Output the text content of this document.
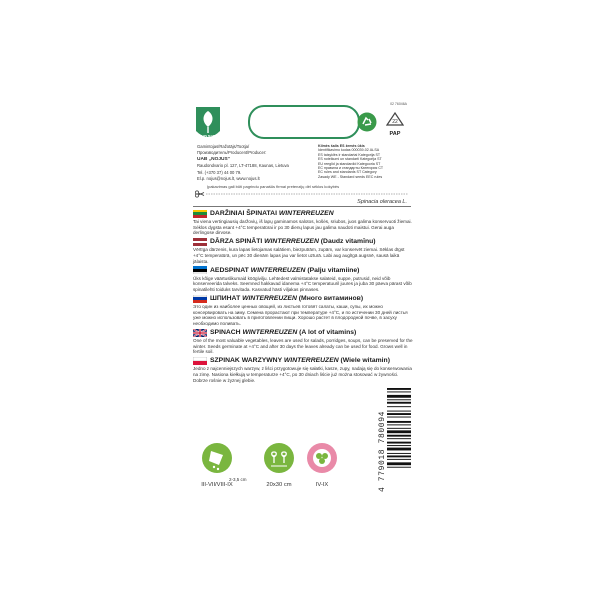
NOJUS
02 76046A
22
PAP
Gamintojas/Ražotājs/Tootja/Производитель/Producent/Producer:
UAB „NOJUS“
Raudondvario pl. 127, LT-47188, Kaunas, Lietuva
Tel. (+370 37) 44 00 79.
El.p. nojus@nojus.lt, www.nojus.lt
Kilmės šalis ES žemės ūkis
Identifikavimo kodas 000039-02.IA-SA
ES taisyklės ir standartai Kategorija ST
ES noteikumi un standarti Kategorija ST
EU reeglid ja standardid Kategooria ST
ЕС правила и стандарты Категория СТ
EC rules and standards ST Category
Zasady WE - Standard seeds EEC rules
Įpakavimas gali būti pagrindu panašūs firmai pretenzijų dėl sėklos kokybės
Spinacia oleracea L.
DARŽINIAI ŠPINATAI WINTERREUZEN
Tai viena vertingiausių daržovių, iš lapų gaminamos salotos, košės, sriubos, juos galima konservuoti žiemai. Sėklos dygsta esant +4°C temperatūrai ir po 30 dienų lapus jau galima naudoti maistui. Gerai auga derlingose dirvose.
DĀRZA SPINĀTI WINTERREUZEN (Daudz vitamīnu)
Vērtīga dārzenis, kura lapas lietojamas salātiem, biezputrām, zupām, var konservēt ziemai. Sēklas dīgst +4°C temperatūrā, un pēc 30 dienām lapas jau var lietot uzturā. Labi aug auglīgā augsnē, sausā laikā jālaista.
AEDSPINAT WINTERREUZEN (Palju vitamiine)
Üks kõige väärtuslikumaid köögivilju. Lehtedest valmistatakse salateid, suppe, putrusid, neid võib konserveerida talveks. Seemned hakkavad idanema +4°C temperatuuril juures ja juba 30 päeva pärast võib spinatilehti toiduks tarvitada. Kasvatud hästi viljakas pinnases.
ШПИНАТ WINTERREUZEN (Много витаминов)
Это один из наиболее ценных овощей, из листьев готовят салаты, каши, супы, их можно консервировать на зиму. Семена прорастают при температуре +4°C, и по истечении 30 дней листья уже можно использовать в приготовлении пищи. Хорошо растет в плодородной почве, в засуху необходимо поливать.
SPINACH WINTERREUZEN (A lot of vitamins)
One of the most valuable vegetables, leaves are used for salads, porridges, soups, can be preserved for the winter. Seeds germinate at +4°C and after 30 days the leaves already can be used for food. Grows well in fertile soil.
SZPINAK WARZYWNY WINTERREUZEN (Wiele witamin)
Jedno z najcenniejszych warzyw, z liści przygotowuje się sałatki, kasze, zupy, nadają się do konserwowania na zimę. Nasiona kiełkują w temperaturze +4°C, po 30 dniach liście już można stosować w żywności. Dobrze rośnie w żyznej glebie.
2-3,5 cm
III-VII/VIII-IX	20x30 cm	IV-IX	4 779018 780094
